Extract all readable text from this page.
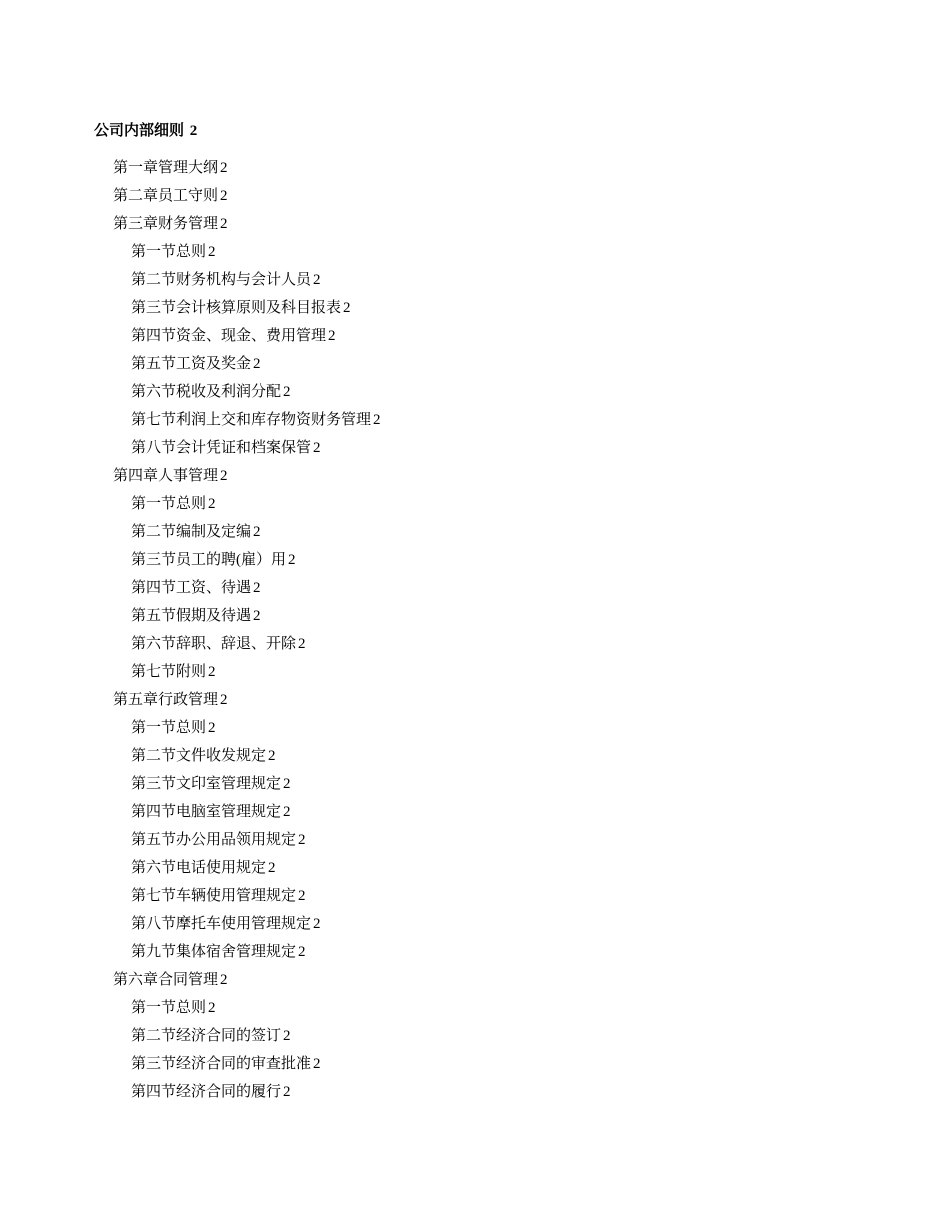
公司内部细则 2
第一章管理大纲 2
第二章员工守则 2
第三章财务管理 2
第一节总则 2
第二节财务机构与会计人员 2
第三节会计核算原则及科目报表 2
第四节资金、现金、费用管理 2
第五节工资及奖金 2
第六节税收及利润分配 2
第七节利润上交和库存物资财务管理 2
第八节会计凭证和档案保管 2
第四章人事管理 2
第一节总则 2
第二节编制及定编 2
第三节员工的聘(雇）用 2
第四节工资、待遇 2
第五节假期及待遇 2
第六节辞职、辞退、开除 2
第七节附则 2
第五章行政管理 2
第一节总则 2
第二节文件收发规定 2
第三节文印室管理规定 2
第四节电脑室管理规定 2
第五节办公用品领用规定 2
第六节电话使用规定 2
第七节车辆使用管理规定 2
第八节摩托车使用管理规定 2
第九节集体宿舍管理规定 2
第六章合同管理 2
第一节总则 2
第二节经济合同的签订 2
第三节经济合同的审查批准 2
第四节经济合同的履行 2
